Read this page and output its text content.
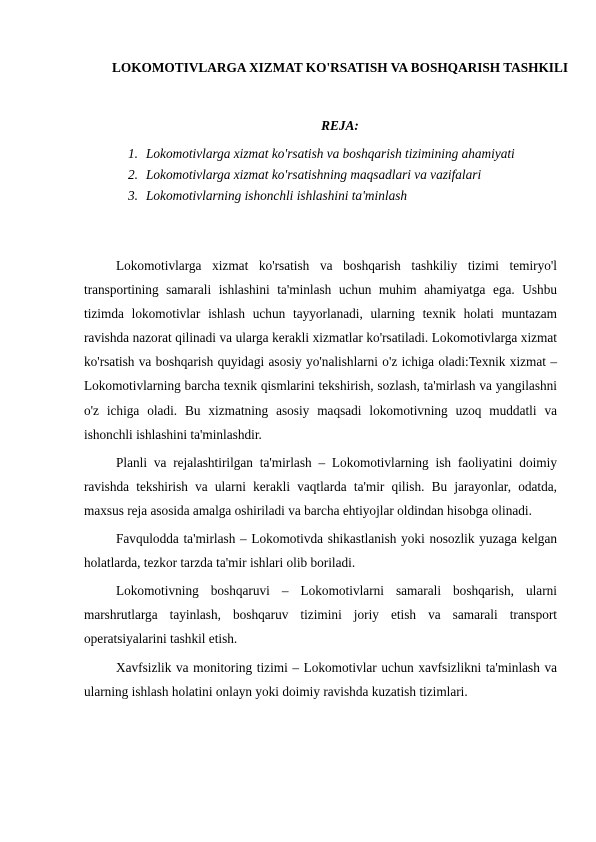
LOKOMOTIVLARGA XIZMAT KO'RSATISH VA BOSHQARISH TASHKILI
REJA:
1. Lokomotivlarga xizmat ko'rsatish va boshqarish tizimining ahamiyati
2. Lokomotivlarga xizmat ko'rsatishning maqsadlari va vazifalari
3. Lokomotivlarning ishonchli ishlashini ta'minlash

Lokomotivlarga xizmat ko'rsatish va boshqarish tashkiliy tizimi temiryo'l transportining samarali ishlashini ta'minlash uchun muhim ahamiyatga ega. Ushbu tizimda lokomotivlar ishlash uchun tayyorlanadi, ularning texnik holati muntazam ravishda nazorat qilinadi va ularga kerakli xizmatlar ko'rsatiladi. Lokomotivlarga xizmat ko'rsatish va boshqarish quyidagi asosiy yo'nalishlarni o'z ichiga oladi:Texnik xizmat – Lokomotivlarning barcha texnik qismlarini tekshirish, sozlash, ta'mirlash va yangilashni o'z ichiga oladi. Bu xizmatning asosiy maqsadi lokomotivning uzoq muddatli va ishonchli ishlashini ta'minlashdir.

Planli va rejalashtirilgan ta'mirlash – Lokomotivlarning ish faoliyatini doimiy ravishda tekshirish va ularni kerakli vaqtlarda ta'mir qilish. Bu jarayonlar, odatda, maxsus reja asosida amalga oshiriladi va barcha ehtiyojlar oldindan hisobga olinadi.

Favqulodda ta'mirlash – Lokomotivda shikastlanish yoki nosozlik yuzaga kelgan holatlarda, tezkor tarzda ta'mir ishlari olib boriladi.

Lokomotivning boshqaruvi – Lokomotivlarni samarali boshqarish, ularni marshrutlarga tayinlash, boshqaruv tizimini joriy etish va samarali transport operatsiyalarini tashkil etish.

Xavfsizlik va monitoring tizimi – Lokomotivlar uchun xavfsizlikni ta'minlash va ularning ishlash holatini onlayn yoki doimiy ravishda kuzatish tizimlari.
